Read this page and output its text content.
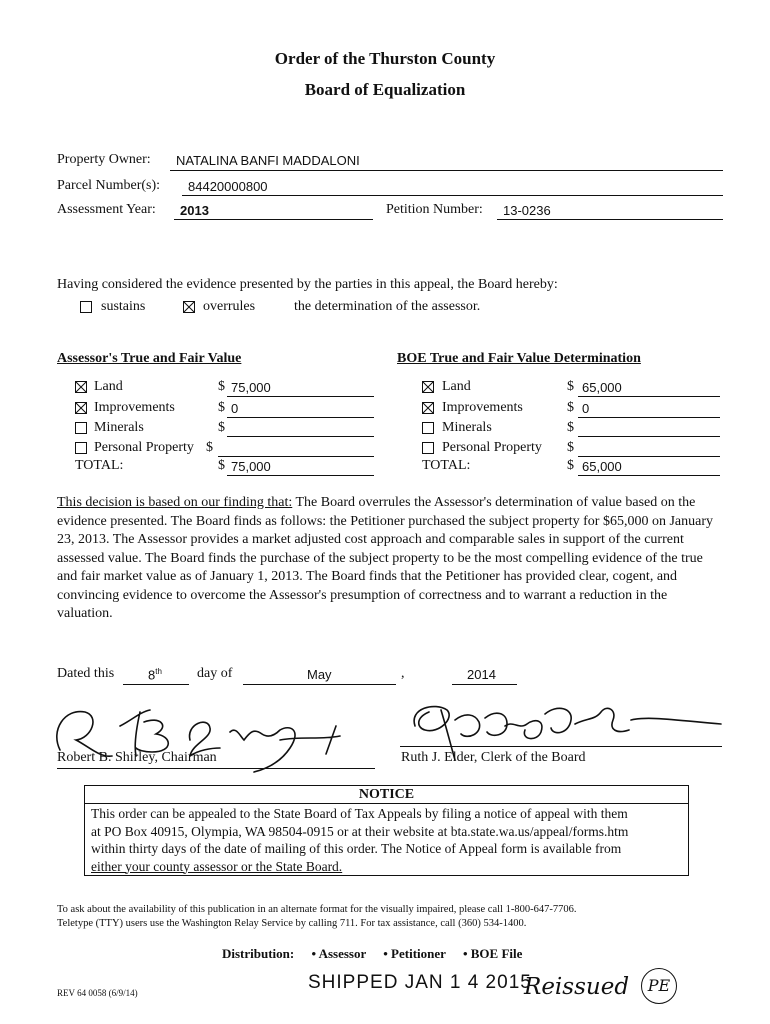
Order of the Thurston County
Board of Equalization
Property Owner: NATALINA BANFI MADDALONI
Parcel Number(s): 84420000800
Assessment Year: 2013	Petition Number: 13-0236
Having considered the evidence presented by the parties in this appeal, the Board hereby:
sustains	overrules	the determination of the assessor.
Assessor's True and Fair Value	BOE True and Fair Value Determination
Land	$ 75,000
Improvements	$ 0
Minerals	$
Personal Property $
TOTAL:	$ 75,000
Land	$ 65,000
Improvements	$ 0
Minerals	$
Personal Property $
TOTAL:	$ 65,000
This decision is based on our finding that: The Board overrules the Assessor's determination of value based on the evidence presented. The Board finds as follows: the Petitioner purchased the subject property for $65,000 on January 23, 2013. The Assessor provides a market adjusted cost approach and comparable sales in support of the current assessed value. The Board finds the purchase of the subject property to be the most compelling evidence of the true and fair market value as of January 1, 2013. The Board finds that the Petitioner has provided clear, cogent, and convincing evidence to overcome the Assessor's presumption of correctness and to warrant a reduction in the valuation.
Dated this	8th	day of	May	,	2014
Robert B. Shirley, Chairman	Ruth J. Elder, Clerk of the Board
NOTICE
This order can be appealed to the State Board of Tax Appeals by filing a notice of appeal with them
at PO Box 40915, Olympia, WA 98504-0915 or at their website at bta.state.wa.us/appeal/forms.htm
within thirty days of the date of mailing of this order. The Notice of Appeal form is available from
either your county assessor or the State Board.
To ask about the availability of this publication in an alternate format for the visually impaired, please call 1-800-647-7706.
Teletype (TTY) users use the Washington Relay Service by calling 711. For tax assistance, call (360) 534-1400.
Distribution: • Assessor • Petitioner • BOE File
REV 64 0058 (6/9/14)	SHIPPED JAN 1 4 2015
Reissued	PE
